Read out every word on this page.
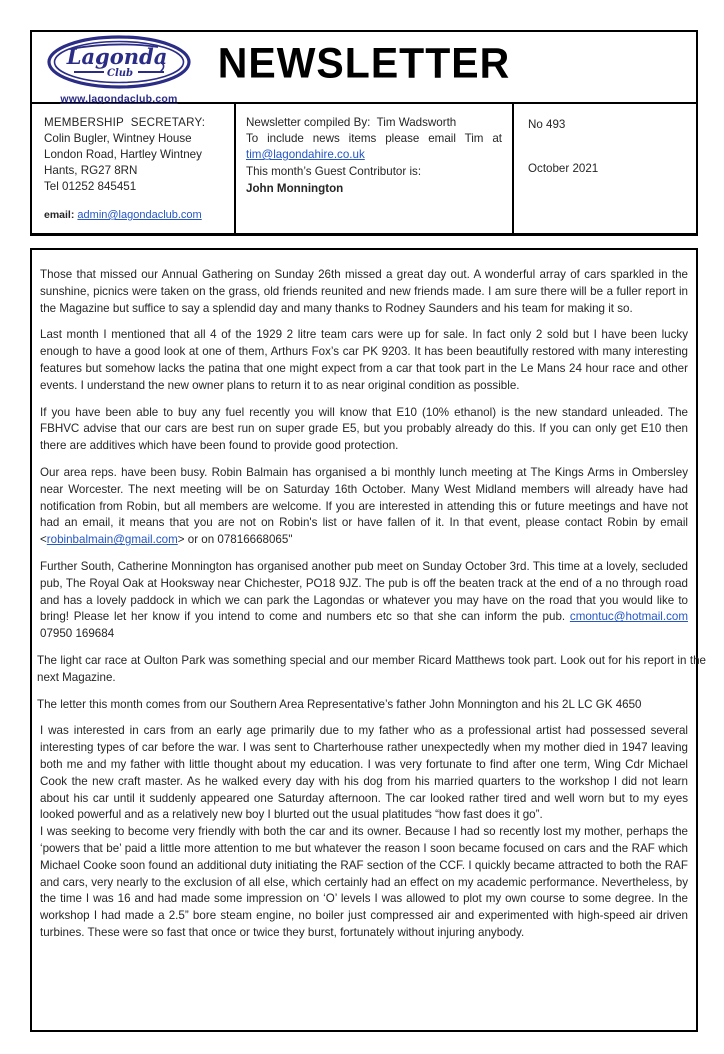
Lagonda
Club
www.lagondaclub.com
NEWSLETTER
MEMBERSHIP  SECRETARY:
Colin Bugler, Wintney House
London Road, Hartley Wintney
Hants, RG27 8RN
Tel 01252 845451
email: admin@lagondaclub.com
Newsletter compiled By:  Tim Wadsworth

To include news items please email Tim at tim@lagondahire.co.uk

This month’s Guest Contributor is:
John Monnington
No 493
October 2021

Those that missed our Annual Gathering on Sunday 26th missed a great day out. A wonderful array of cars sparkled in the sunshine, picnics were taken on the grass, old friends reunited and new friends made. I am sure there will be a fuller report in the Magazine but suffice to say a splendid day and many thanks to Rodney Saunders and his team for making it so.

Last month I mentioned that all 4 of the 1929 2 litre team cars were up for sale. In fact only 2 sold but I have been lucky enough to have a good look at one of them, Arthurs Fox’s car PK 9203. It has been beautifully restored with many interesting features but somehow lacks the patina that one might expect from a car that took part in the Le Mans 24 hour race and other events. I understand the new owner plans to return it to as near original condition as possible.

If you have been able to buy any fuel recently you will know that E10 (10% ethanol) is the new standard unleaded. The FBHVC advise that our cars are best run on super grade E5, but you probably already do this. If you can only get E10 then there are additives which have been found to provide good protection.

Our area reps. have been busy. Robin Balmain has organised a bi monthly lunch meeting at The Kings Arms in Ombersley near Worcester. The next meeting will be on Saturday 16th October. Many West Midland members will already have had notification from Robin, but all members are welcome. If you are interested in attending this or future meetings and have not had an email, it means that you are not on Robin's list or have fallen of it. In that event, please contact Robin by email <robinbalmain@gmail.com> or on 07816668065"

Further South, Catherine Monnington has organised another pub meet on Sunday October 3rd. This time at a lovely, secluded pub, The Royal Oak at Hooksway near Chichester, PO18 9JZ. The pub is off the beaten track at the end of a no through road and has a lovely paddock in which we can park the Lagondas or whatever you may have on the road that you would like to bring! Please let her know if you intend to come and numbers etc so that she can inform the pub. cmontuc@hotmail.com 07950 169684

The light car race at Oulton Park was something special and our member Ricard Matthews took part. Look out for his report in the next Magazine.

The letter this month comes from our Southern Area Representative’s father John Monnington and his 2L LC GK 4650

I was interested in cars from an early age primarily due to my father who as a professional artist had possessed several interesting types of car before the war. I was sent to Charterhouse rather unexpectedly when my mother died in 1947 leaving both me and my father with little thought about my education. I was very fortunate to find after one term, Wing Cdr Michael Cook the new craft master. As he walked every day with his dog from his married quarters to the workshop I did not learn about his car until it suddenly appeared one Saturday afternoon. The car looked rather tired and well worn but to my eyes looked powerful and as a relatively new boy I blurted out the usual platitudes “how fast does it go”.

I was seeking to become very friendly with both the car and its owner. Because I had so recently lost my mother, perhaps the ‘powers that be’ paid a little more attention to me but whatever the reason I soon became focused on cars and the RAF which Michael Cooke soon found an additional duty initiating the RAF section of the CCF. I quickly became attracted to both the RAF and cars, very nearly to the exclusion of all else, which certainly had an effect on my academic performance. Nevertheless, by the time I was 16 and had made some impression on ‘O’ levels I was allowed to plot my own course to some degree. In the workshop I had made a 2.5” bore steam engine, no boiler just compressed air and experimented with high-speed air driven turbines. These were so fast that once or twice they burst, fortunately without injuring anybody.
